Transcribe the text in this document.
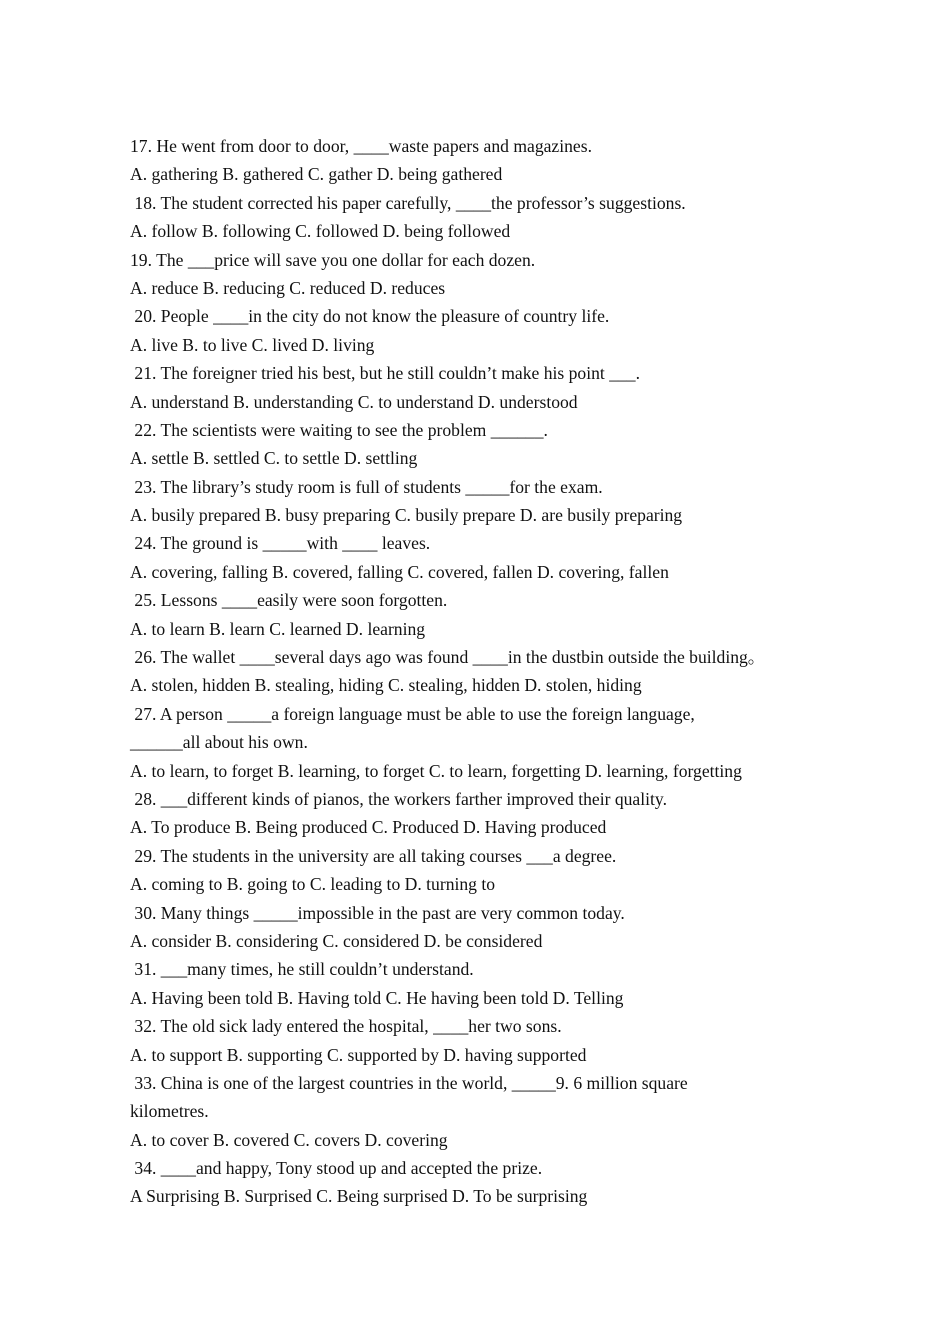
17. He went from door to door, ____waste papers and magazines.
A. gathering B. gathered C. gather D. being gathered
18. The student corrected his paper carefully, ____the professor’s suggestions.
A. follow B. following C. followed D. being followed
19. The ___price will save you one dollar for each dozen.
A. reduce B. reducing C. reduced D. reduces
20. People ____in the city do not know the pleasure of country life.
A. live B. to live C. lived D. living
21. The foreigner tried his best, but he still couldn’t make his point ___.
A. understand B. understanding C. to understand D. understood
22. The scientists were waiting to see the problem ______.
A. settle B. settled C. to settle D. settling
23. The library’s study room is full of students _____for the exam.
A. busily prepared B. busy preparing C. busily prepare D. are busily preparing
24. The ground is _____with ____ leaves.
A. covering, falling B. covered, falling C. covered, fallen D. covering, fallen
25. Lessons ____easily were soon forgotten.
A. to learn B. learn C. learned D. learning
26. The wallet ____several days ago was found ____in the dustbin outside the building。
A. stolen, hidden B. stealing, hiding C. stealing, hidden D. stolen, hiding
27. A person _____a foreign language must be able to use the foreign language,
______all about his own.
A. to learn, to forget B. learning, to forget C. to learn, forgetting D. learning, forgetting
28. ___different kinds of pianos, the workers farther improved their quality.
A. To produce B. Being produced C. Produced D. Having produced
29. The students in the university are all taking courses ___a degree.
A. coming to B. going to C. leading to D. turning to
30. Many things _____impossible in the past are very common today.
A. consider B. considering C. considered D. be considered
31. ___many times, he still couldn’t understand.
A. Having been told B. Having told C. He having been told D. Telling
32. The old sick lady entered the hospital, ____her two sons.
A. to support B. supporting C. supported by D. having supported
33. China is one of the largest countries in the world, _____9. 6 million square
kilometres.
A. to cover B. covered C. covers D. covering
34. ____and happy, Tony stood up and accepted the prize.
A Surprising B. Surprised C. Being surprised D. To be surprising
